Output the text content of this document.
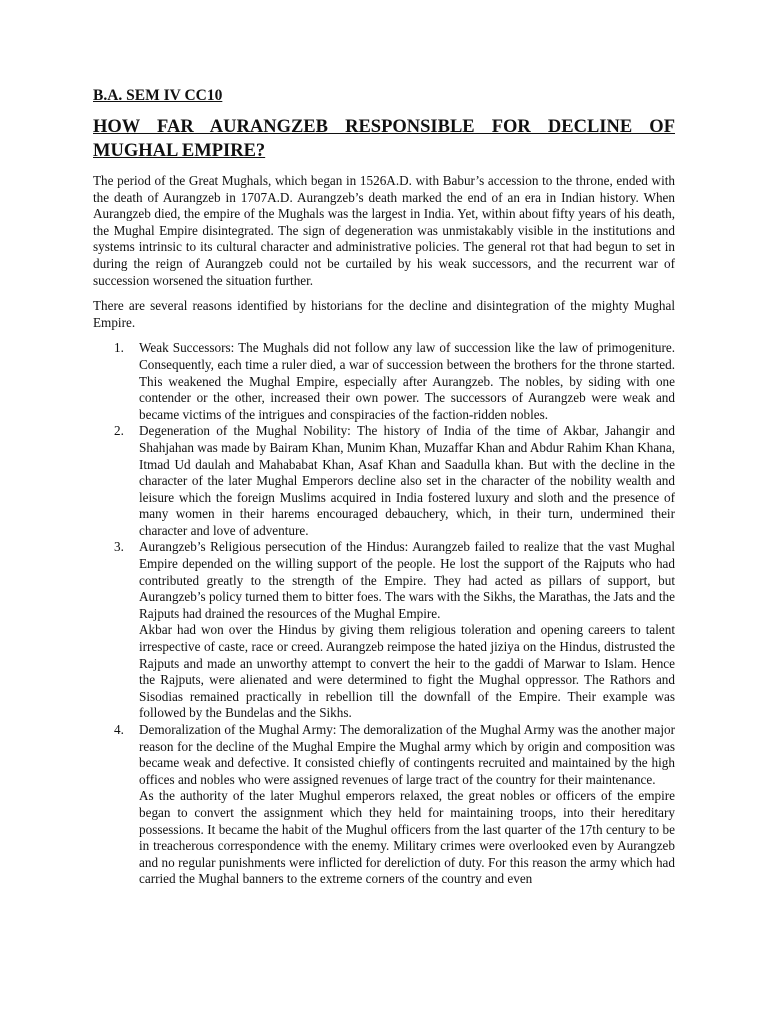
B.A. SEM IV CC10
HOW FAR AURANGZEB RESPONSIBLE FOR DECLINE OF MUGHAL EMPIRE?

The period of the Great Mughals, which began in 1526A.D. with Babur’s accession to the throne, ended with the death of Aurangzeb in 1707A.D. Aurangzeb’s death marked the end of an era in Indian history. When Aurangzeb died, the empire of the Mughals was the largest in India. Yet, within about fifty years of his death, the Mughal Empire disintegrated. The sign of degeneration was unmistakably visible in the institutions and systems intrinsic to its cultural character and administrative policies. The general rot that had begun to set in during the reign of Aurangzeb could not be curtailed by his weak successors, and the recurrent war of succession worsened the situation further.

There are several reasons identified by historians for the decline and disintegration of the mighty Mughal Empire.

1. Weak Successors: The Mughals did not follow any law of succession like the law of primogeniture. Consequently, each time a ruler died, a war of succession between the brothers for the throne started. This weakened the Mughal Empire, especially after Aurangzeb. The nobles, by siding with one contender or the other, increased their own power. The successors of Aurangzeb were weak and became victims of the intrigues and conspiracies of the faction-ridden nobles.
2. Degeneration of the Mughal Nobility: The history of India of the time of Akbar, Jahangir and Shahjahan was made by Bairam Khan, Munim Khan, Muzaffar Khan and Abdur Rahim Khan Khana, Itmad Ud daulah and Mahababat Khan, Asaf Khan and Saadulla khan. But with the decline in the character of the later Mughal Emperors decline also set in the character of the nobility wealth and leisure which the foreign Muslims acquired in India fostered luxury and sloth and the presence of many women in their harems encouraged debauchery, which, in their turn, undermined their character and love of adventure.
3. Aurangzeb’s Religious persecution of the Hindus: Aurangzeb failed to realize that the vast Mughal Empire depended on the willing support of the people. He lost the support of the Rajputs who had contributed greatly to the strength of the Empire. They had acted as pillars of support, but Aurangzeb’s policy turned them to bitter foes. The wars with the Sikhs, the Marathas, the Jats and the Rajputs had drained the resources of the Mughal Empire.
Akbar had won over the Hindus by giving them religious toleration and opening careers to talent irrespective of caste, race or creed. Aurangzeb reimpose the hated jiziya on the Hindus, distrusted the Rajputs and made an unworthy attempt to convert the heir to the gaddi of Marwar to Islam. Hence the Rajputs, were alienated and were determined to fight the Mughal oppressor. The Rathors and Sisodias remained practically in rebellion till the downfall of the Empire. Their example was followed by the Bundelas and the Sikhs.
4. Demoralization of the Mughal Army: The demoralization of the Mughal Army was the another major reason for the decline of the Mughal Empire the Mughal army which by origin and composition was became weak and defective. It consisted chiefly of contingents recruited and maintained by the high offices and nobles who were assigned revenues of large tract of the country for their maintenance.
As the authority of the later Mughul emperors relaxed, the great nobles or officers of the empire began to convert the assignment which they held for maintaining troops, into their hereditary possessions. It became the habit of the Mughul officers from the last quarter of the 17th century to be in treacherous correspondence with the enemy. Military crimes were overlooked even by Aurangzeb and no regular punishments were inflicted for dereliction of duty. For this reason the army which had carried the Mughal banners to the extreme corners of the country and even
